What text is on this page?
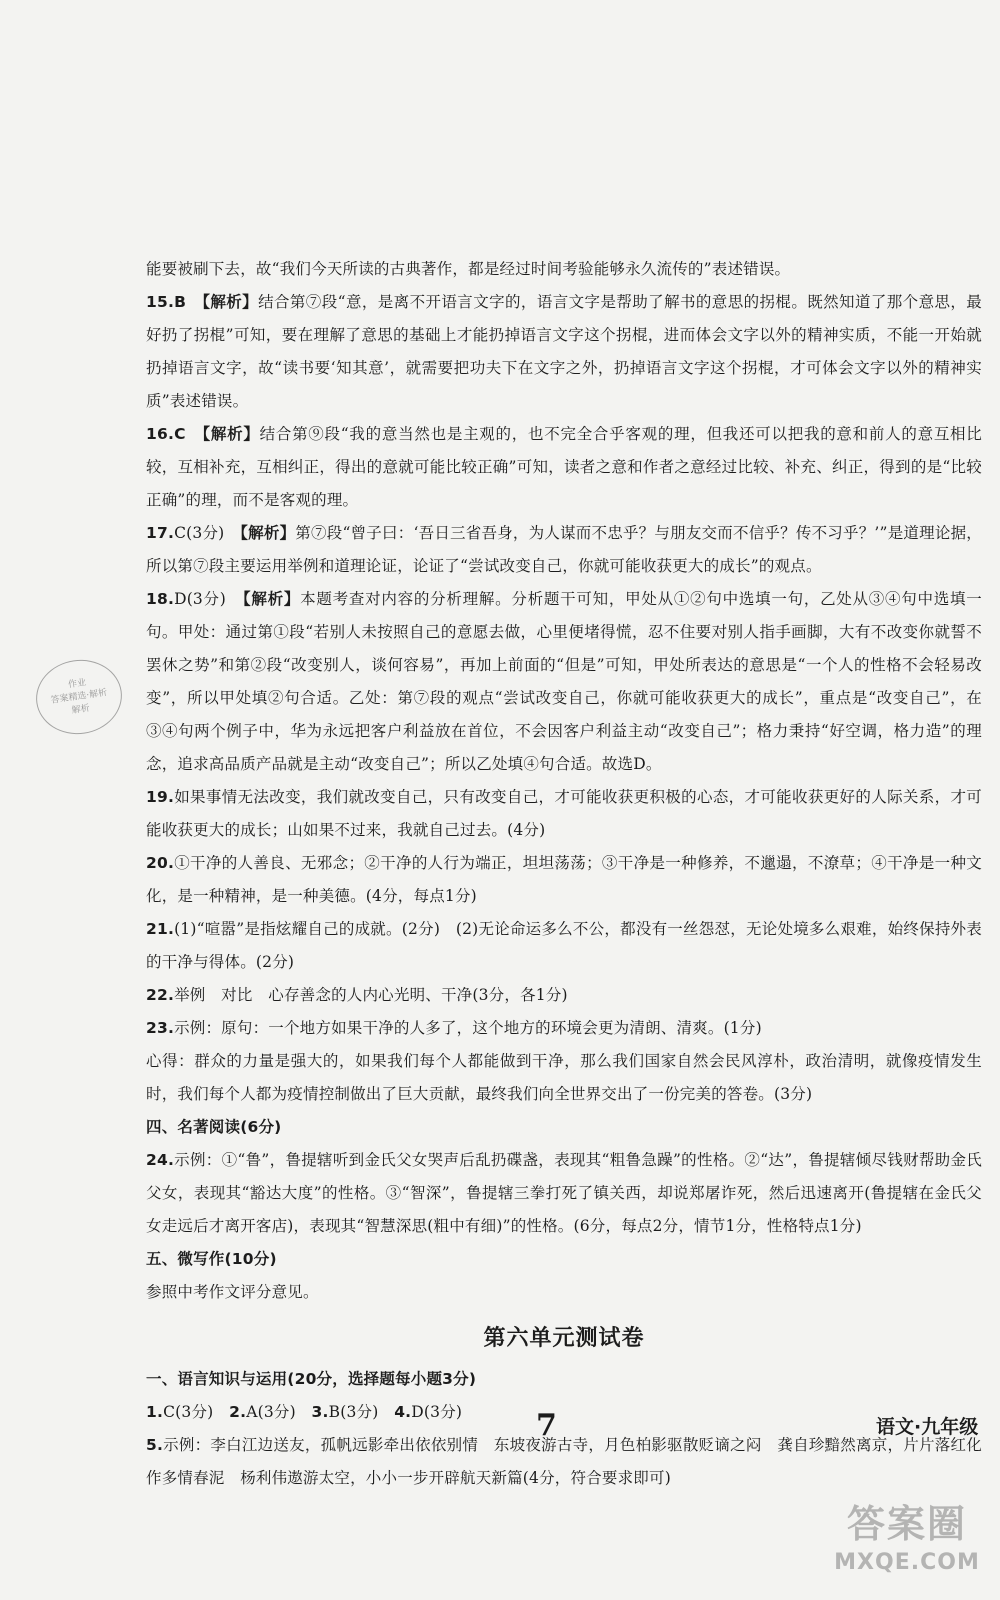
作业
答案精选·解析
解析

能要被刷下去，故“我们今天所读的古典著作，都是经过时间考验能够永久流传的”表述错误。

15.B　 【解析】结合第⑦段“意，是离不开语言文字的，语言文字是帮助了解书的意思的拐棍。既然知道了那个意思，最好扔了拐棍”可知，要在理解了意思的基础上才能扔掉语言文字这个拐棍，进而体会文字以外的精神实质，不能一开始就扔掉语言文字，故“读书要‘知其意’，就需要把功夫下在文字之外，扔掉语言文字这个拐棍，才可体会文字以外的精神实质”表述错误。

16.C　 【解析】结合第⑨段“我的意当然也是主观的，也不完全合乎客观的理，但我还可以把我的意和前人的意互相比较，互相补充，互相纠正，得出的意就可能比较正确”可知，读者之意和作者之意经过比较、补充、纠正，得到的是“比较正确”的理，而不是客观的理。

17.C(3分)　 【解析】第⑦段“曾子曰：‘吾日三省吾身，为人谋而不忠乎？与朋友交而不信乎？传不习乎？’”是道理论据，所以第⑦段主要运用举例和道理论证，论证了“尝试改变自己，你就可能收获更大的成长”的观点。

18.D(3分)　 【解析】本题考查对内容的分析理解。分析题干可知，甲处从①②句中选填一句，乙处从③④句中选填一句。甲处：通过第①段“若别人未按照自己的意愿去做，心里便堵得慌，忍不住要对别人指手画脚，大有不改变你就誓不罢休之势”和第②段“改变别人，谈何容易”，再加上前面的“但是”可知，甲处所表达的意思是“一个人的性格不会轻易改变”，所以甲处填②句合适。乙处：第⑦段的观点“尝试改变自己，你就可能收获更大的成长”，重点是“改变自己”，在③④句两个例子中，华为永远把客户利益放在首位，不会因客户利益主动“改变自己”；格力秉持“好空调，格力造”的理念，追求高品质产品就是主动“改变自己”；所以乙处填④句合适。故选D。

19.如果事情无法改变，我们就改变自己，只有改变自己，才可能收获更积极的心态，才可能收获更好的人际关系，才可能收获更大的成长；山如果不过来，我就自己过去。(4分)

20.①干净的人善良、无邪念；②干净的人行为端正，坦坦荡荡；③干净是一种修养，不邋遢，不潦草；④干净是一种文化，是一种精神，是一种美德。(4分，每点1分)

21.(1)“喧嚣”是指炫耀自己的成就。(2分)　(2)无论命运多么不公，都没有一丝怨怼，无论处境多么艰难，始终保持外表的干净与得体。(2分)

22.举例　对比　心存善念的人内心光明、干净(3分，各1分)

23.示例：原句：一个地方如果干净的人多了，这个地方的环境会更为清朗、清爽。(1分)

心得：群众的力量是强大的，如果我们每个人都能做到干净，那么我们国家自然会民风淳朴，政治清明，就像疫情发生时，我们每个人都为疫情控制做出了巨大贡献，最终我们向全世界交出了一份完美的答卷。(3分)

四、名著阅读(6分)

24.示例：①“鲁”，鲁提辖听到金氏父女哭声后乱扔碟盏，表现其“粗鲁急躁”的性格。②“达”，鲁提辖倾尽钱财帮助金氏父女，表现其“豁达大度”的性格。③“智深”，鲁提辖三拳打死了镇关西，却说郑屠诈死，然后迅速离开(鲁提辖在金氏父女走远后才离开客店)，表现其“智慧深思(粗中有细)”的性格。(6分，每点2分，情节1分，性格特点1分)

五、微写作(10分)

参照中考作文评分意见。

第六单元测试卷

一、语言知识与运用(20分，选择题每小题3分)

1.C(3分)　 2.A(3分)　 3.B(3分)　 4.D(3分)

5.示例：李白江边送友，孤帆远影牵出依依别情　东坡夜游古寺，月色柏影驱散贬谪之闷　龚自珍黯然离京，片片落红化作多情春泥　杨利伟遨游太空，小小一步开辟航天新篇(4分，符合要求即可)

7	语文·九年级
答案圈
MXQE.COM
